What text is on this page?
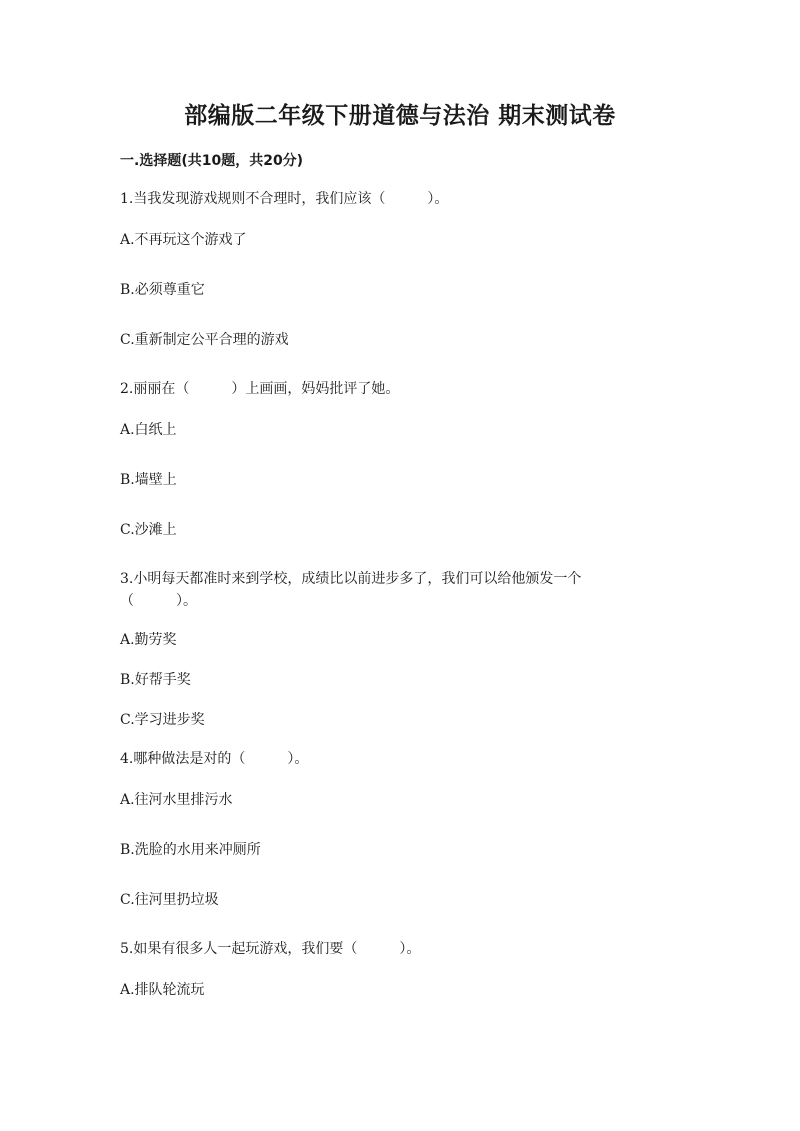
部编版二年级下册道德与法治 期末测试卷
一.选择题(共10题，共20分)
1.当我发现游戏规则不合理时，我们应该（　　　）。
A.不再玩这个游戏了
B.必须尊重它
C.重新制定公平合理的游戏
2.丽丽在（　　　）上画画，妈妈批评了她。
A.白纸上
B.墙壁上
C.沙滩上
3.小明每天都准时来到学校，成绩比以前进步多了，我们可以给他颁发一个
（　　　）。
A.勤劳奖
B.好帮手奖
C.学习进步奖
4.哪种做法是对的（　　　）。
A.往河水里排污水
B.洗脸的水用来冲厕所
C.往河里扔垃圾
5.如果有很多人一起玩游戏，我们要（　　　）。
A.排队轮流玩
